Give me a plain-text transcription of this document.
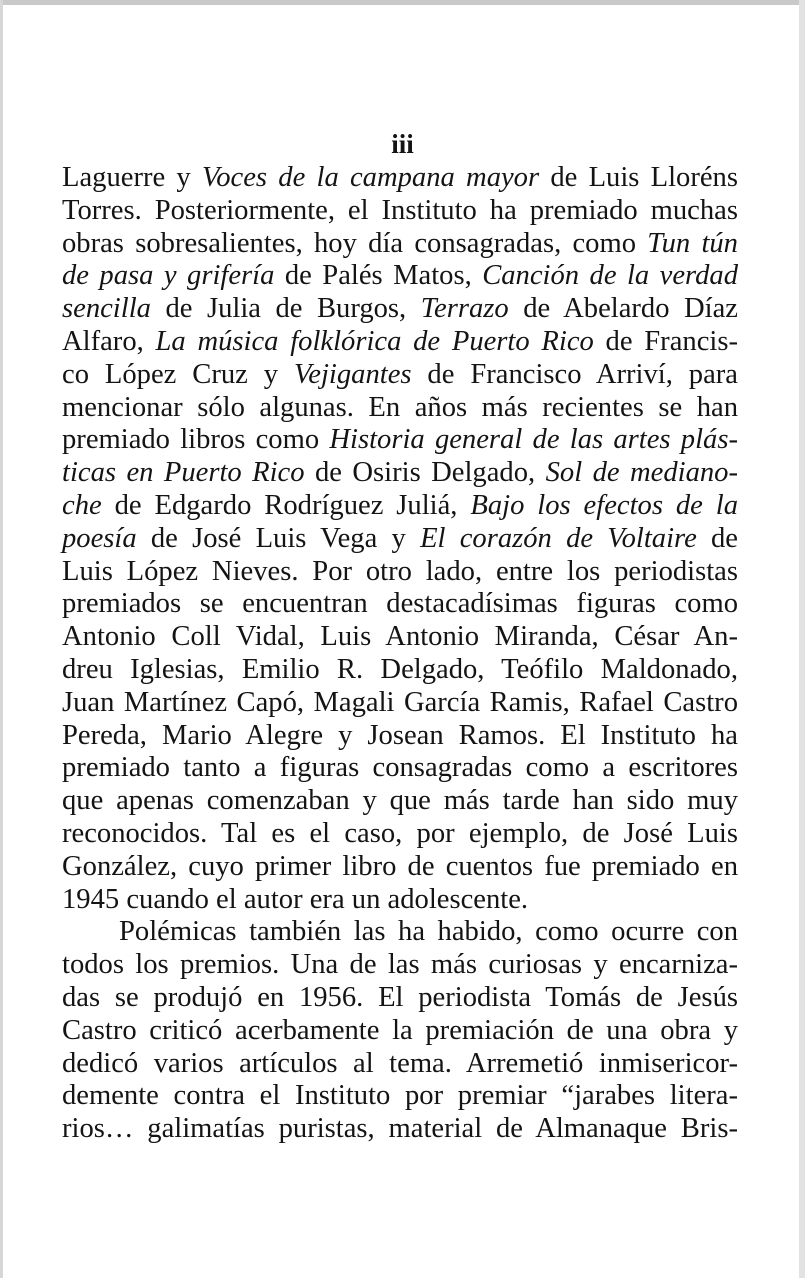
iii
Laguerre y Voces de la campana mayor de Luis Lloréns
Torres. Posteriormente, el Instituto ha premiado muchas
obras sobresalientes, hoy día consagradas, como Tun tún
de pasa y grifería de Palés Matos, Canción de la verdad
sencilla de Julia de Burgos, Terrazo de Abelardo Díaz
Alfaro, La música folklórica de Puerto Rico de Francis-
co López Cruz y Vejigantes de Francisco Arriví, para
mencionar sólo algunas. En años más recientes se han
premiado libros como Historia general de las artes plás-
ticas en Puerto Rico de Osiris Delgado, Sol de mediano-
che de Edgardo Rodríguez Juliá, Bajo los efectos de la
poesía de José Luis Vega y El corazón de Voltaire de
Luis López Nieves. Por otro lado, entre los periodistas
premiados se encuentran destacadísimas figuras como
Antonio Coll Vidal, Luis Antonio Miranda, César An-
dreu Iglesias, Emilio R. Delgado, Teófilo Maldonado,
Juan Martínez Capó, Magali García Ramis, Rafael Castro
Pereda, Mario Alegre y Josean Ramos. El Instituto ha
premiado tanto a figuras consagradas como a escritores
que apenas comenzaban y que más tarde han sido muy
reconocidos. Tal es el caso, por ejemplo, de José Luis
González, cuyo primer libro de cuentos fue premiado en
1945 cuando el autor era un adolescente.
Polémicas también las ha habido, como ocurre con
todos los premios. Una de las más curiosas y encarniza-
das se produjó en 1956. El periodista Tomás de Jesús
Castro criticó acerbamente la premiación de una obra y
dedicó varios artículos al tema. Arremetió inmisericor-
demente contra el Instituto por premiar “jarabes litera-
rios… galimatías puristas, material de Almanaque Bris-
